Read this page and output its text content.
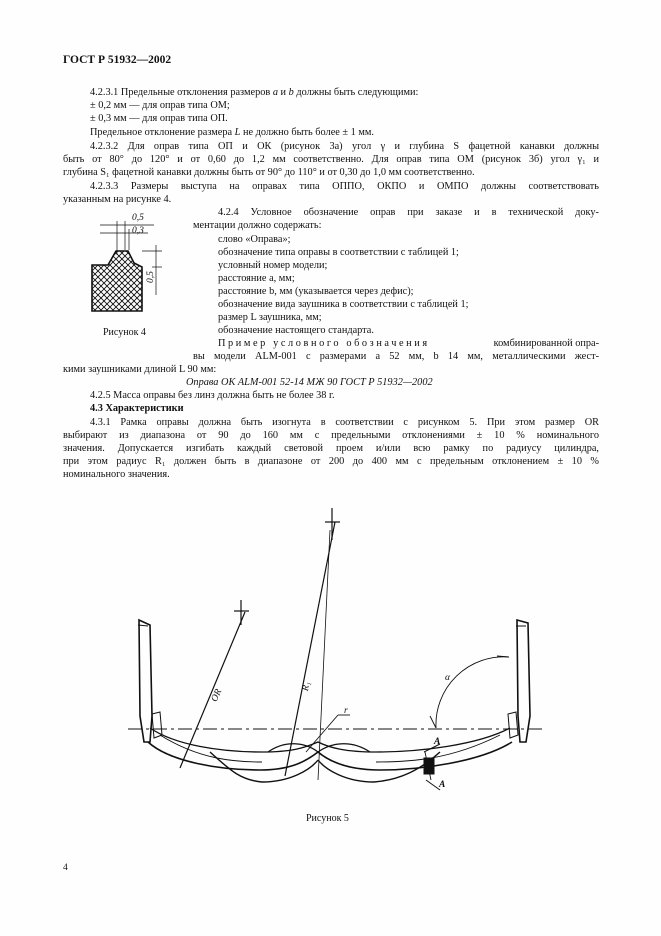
ГОСТ Р 51932—2002
4.2.3.1 Предельные отклонения размеров a и b должны быть следующими:
± 0,2 мм — для оправ типа ОМ;
± 0,3 мм — для оправ типа ОП.
Предельное отклонение размера L не должно быть более ± 1 мм.
4.2.3.2 Для оправ типа ОП и ОК (рисунок 3а) угол γ и глубина S фацетной канавки должны
быть от 80° до 120° и от 0,60 до 1,2 мм соответственно. Для оправ типа ОМ (рисунок 3б) угол γ₁ и
глубина S₁ фацетной канавки должны быть от 90° до 110° и от 0,30 до 1,0 мм соответственно.
4.2.3.3 Размеры выступа на оправах типа ОППО, ОКПО и ОМПО должны соответствовать
указанным на рисунке 4.
0,5
0,3
0,5
Рисунок 4
4.2.4 Условное обозначение оправ при заказе и в технической доку-
ментации должно содержать:
слово «Оправа»;
обозначение типа оправы в соответствии с таблицей 1;
условный номер модели;
расстояние a, мм;
расстояние b, мм (указывается через дефис);
обозначение вида заушника в соответствии с таблицей 1;
размер L заушника, мм;
обозначение настоящего стандарта.
Пример условного обозначения	комбинированной опра-
вы модели ALM-001 с размерами a 52 мм, b 14 мм, металлическими жест-
кими заушниками длиной L 90 мм:
Оправа ОК ALM-001 52-14 МЖ 90 ГОСТ Р 51932—2002
4.2.5 Масса оправы без линз должна быть не более 38 г.
4.3 Характеристики
4.3.1 Рамка оправы должна быть изогнута в соответствии с рисунком 5. При этом размер OR
выбирают из диапазона от 90 до 160 мм с предельными отклонениями ± 10 % номинального
значения. Допускается изгибать каждый световой проем и/или всю рамку по радиусу цилиндра,
при этом радиус R₁ должен быть в диапазоне от 200 до 400 мм с предельным отклонением ± 10 %
номинального значения.
OR
R₁
r
α
A
A
Рисунок 5
4
